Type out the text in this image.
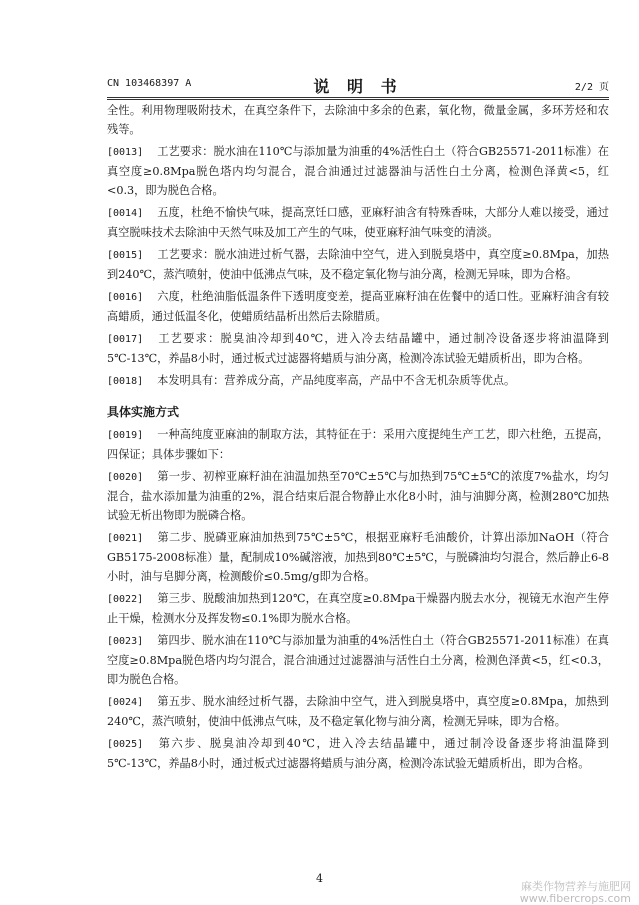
CN 103468397 A	说 明 书	2/2 页

全性。利用物理吸附技术，在真空条件下，去除油中多余的色素，氧化物，微量金属，多环芳烃和农残等。

[0013] 工艺要求：脱水油在110℃与添加量为油重的4%活性白土（符合GB25571-2011标准）在真空度≥0.8Mpa脱色塔内均匀混合，混合油通过过滤器油与活性白土分离，检测色泽黄<5，红<0.3，即为脱色合格。

[0014] 五度，杜绝不愉快气味，提高烹饪口感，亚麻籽油含有特殊香味，大部分人难以接受，通过真空脱味技术去除油中天然气味及加工产生的气味，使亚麻籽油气味变的清淡。

[0015] 工艺要求：脱水油进过析气器，去除油中空气，进入到脱臭塔中，真空度≥0.8Mpa，加热到240℃，蒸汽喷射，使油中低沸点气味，及不稳定氧化物与油分离，检测无异味，即为合格。

[0016] 六度，杜绝油脂低温条件下透明度变差，提高亚麻籽油在佐餐中的适口性。亚麻籽油含有较高蜡质，通过低温冬化，使蜡质结晶析出然后去除腊质。

[0017] 工艺要求：脱臭油冷却到40℃，进入冷去结晶罐中，通过制冷设备逐步将油温降到5℃-13℃，养晶8小时，通过板式过滤器将蜡质与油分离，检测冷冻试验无蜡质析出，即为合格。

[0018] 本发明具有：营养成分高，产品纯度率高，产品中不含无机杂质等优点。

具体实施方式

[0019] 一种高纯度亚麻油的制取方法，其特征在于：采用六度提纯生产工艺，即六杜绝，五提高，四保证；具体步骤如下：

[0020] 第一步、初榨亚麻籽油在油温加热至70℃±5℃与加热到75℃±5℃的浓度7%盐水，均匀混合，盐水添加量为油重的2%，混合结束后混合物静止水化8小时，油与油脚分离，检测280℃加热试验无析出物即为脱磷合格。

[0021] 第二步、脱磷亚麻油加热到75℃±5℃，根据亚麻籽毛油酸价，计算出添加NaOH（符合GB5175-2008标准）量，配制成10%碱溶液，加热到80℃±5℃，与脱磷油均匀混合，然后静止6-8小时，油与皂脚分离，检测酸价≤0.5mg/g即为合格。

[0022] 第三步、脱酸油加热到120℃，在真空度≥0.8Mpa干燥器内脱去水分，视镜无水泡产生停止干燥，检测水分及挥发物≤0.1%即为脱水合格。

[0023] 第四步、脱水油在110℃与添加量为油重的4%活性白土（符合GB25571-2011标准）在真空度≥0.8Mpa脱色塔内均匀混合，混合油通过过滤器油与活性白土分离，检测色泽黄<5，红<0.3，即为脱色合格。

[0024] 第五步、脱水油经过析气器，去除油中空气，进入到脱臭塔中，真空度≥0.8Mpa，加热到240℃，蒸汽喷射，使油中低沸点气味，及不稳定氧化物与油分离，检测无异味，即为合格。

[0025] 第六步、脱臭油冷却到40℃，进入冷去结晶罐中，通过制冷设备逐步将油温降到5℃-13℃，养晶8小时，通过板式过滤器将蜡质与油分离，检测冷冻试验无蜡质析出，即为合格。

4
麻类作物营养与施肥网
www.fibercrops.com
